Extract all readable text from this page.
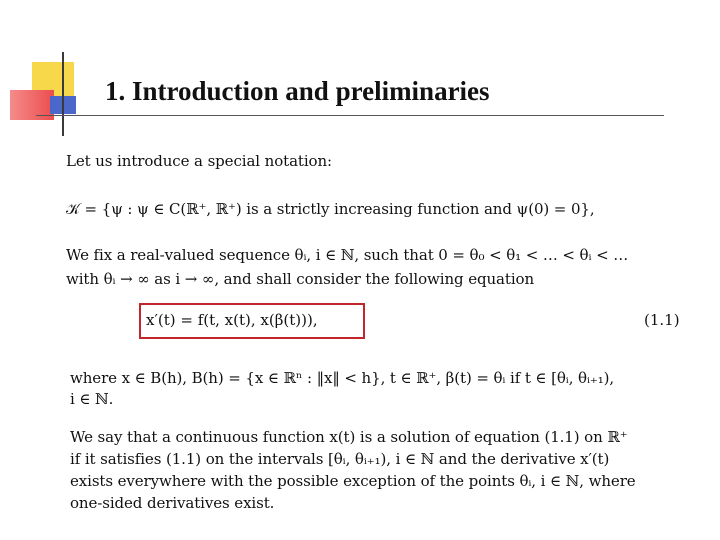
1. Introduction and preliminaries

Let us introduce a special notation:

𝒦 = {ψ : ψ ∈ C(ℝ⁺, ℝ⁺) is a strictly increasing function and ψ(0) = 0},

We fix a real-valued sequence θᵢ, i ∈ ℕ, such that 0 = θ₀ < θ₁ < … < θᵢ < …

with θᵢ → ∞ as i → ∞, and shall consider the following equation

x′(t) = f(t, x(t), x(β(t))),	(1.1)

where x ∈ B(h), B(h) = {x ∈ ℝⁿ : ‖x‖ < h}, t ∈ ℝ⁺, β(t) = θᵢ if t ∈ [θᵢ, θᵢ₊₁),

i ∈ ℕ.

We say that a continuous function x(t) is a solution of equation (1.1) on ℝ⁺

if it satisfies (1.1) on the intervals [θᵢ, θᵢ₊₁), i ∈ ℕ and the derivative x′(t)

exists everywhere with the possible exception of the points θᵢ, i ∈ ℕ, where

one-sided derivatives exist.
